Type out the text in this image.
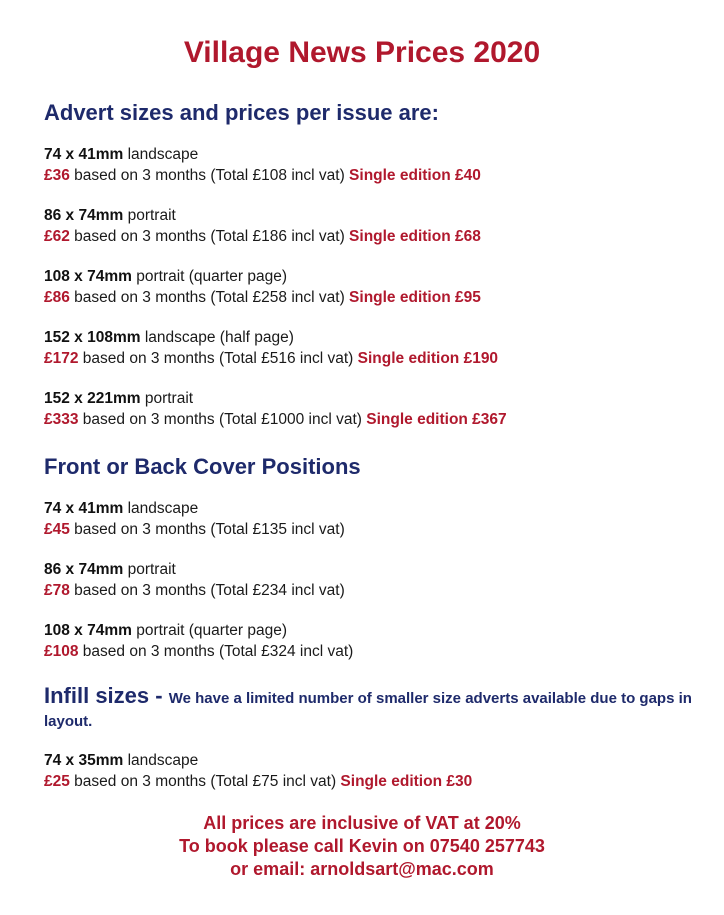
Village News Prices 2020
Advert sizes and prices per issue are:
74 x 41mm landscape
£36 based on 3 months (Total £108 incl vat) Single edition £40
86 x 74mm portrait
£62 based on 3 months (Total £186 incl vat) Single edition £68
108 x 74mm portrait (quarter page)
£86 based on 3 months (Total £258 incl vat) Single edition £95
152 x 108mm landscape (half page)
£172 based on 3 months (Total £516 incl vat) Single edition £190
152 x 221mm portrait
£333 based on 3 months (Total £1000 incl vat) Single edition £367
Front or Back Cover Positions
74 x 41mm landscape
£45 based on 3 months (Total £135 incl vat)
86 x 74mm portrait
£78 based on 3 months (Total £234 incl vat)
108 x 74mm portrait (quarter page)
£108 based on 3 months (Total £324 incl vat)

Infill sizes - We have a limited number of smaller size adverts available due to gaps in layout.

74 x 35mm landscape
£25 based on 3 months (Total £75 incl vat) Single edition £30
All prices are inclusive of VAT at 20%
To book please call Kevin on 07540 257743
or email: arnoldsart@mac.com
